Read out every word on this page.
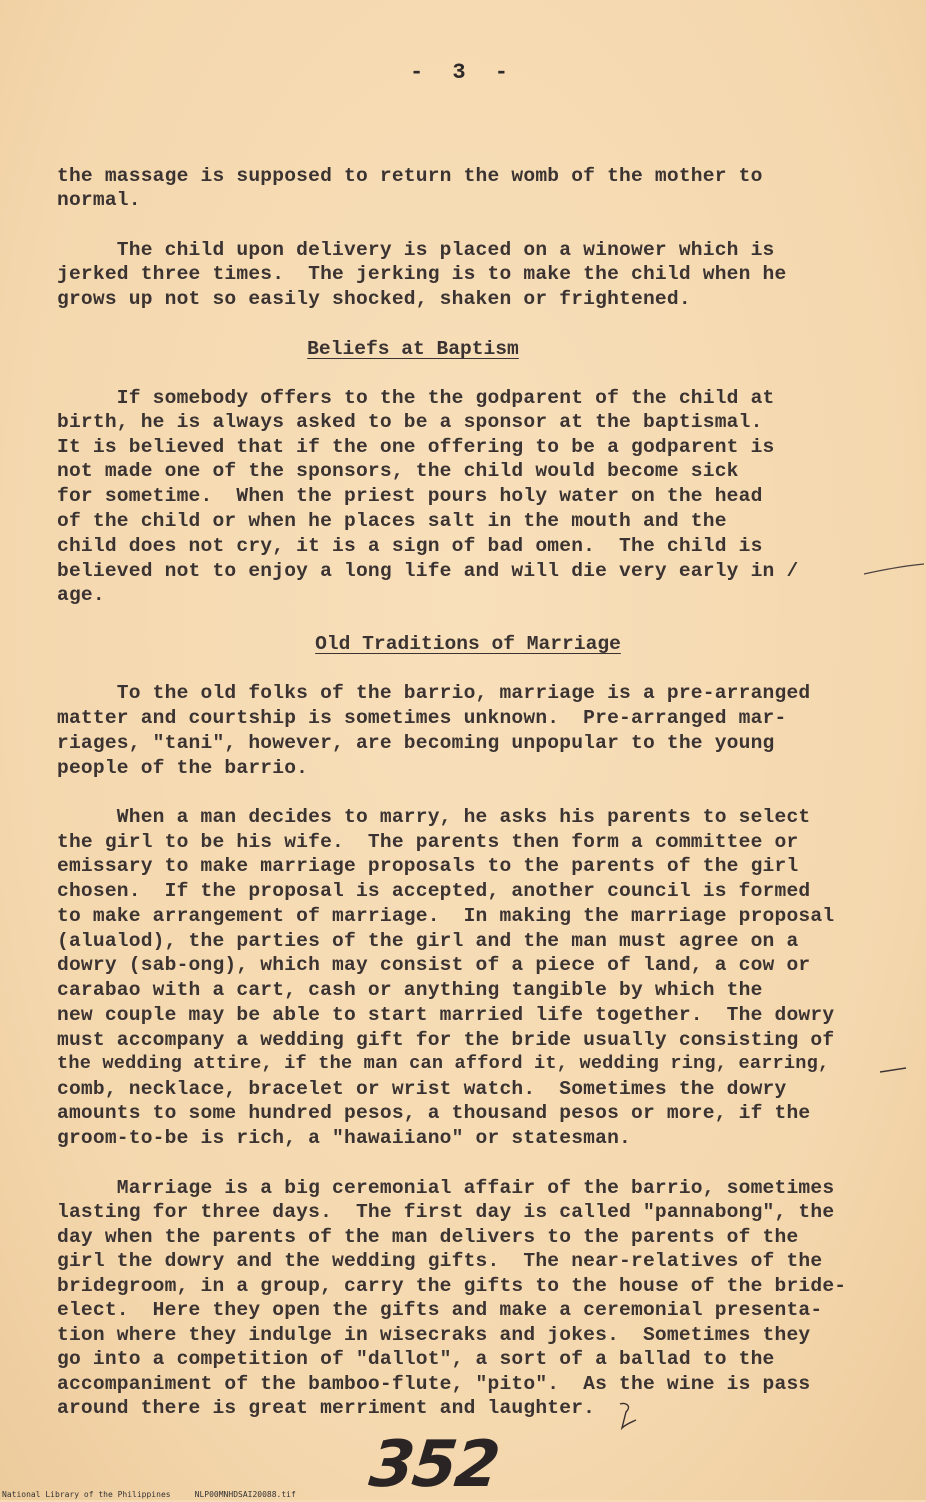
- 3 -
the massage is supposed to return the womb of the mother to
normal.
The child upon delivery is placed on a winower which is
jerked three times.  The jerking is to make the child when he
grows up not so easily shocked, shaken or frightened.
Beliefs at Baptism
If somebody offers to the the godparent of the child at
birth, he is always asked to be a sponsor at the baptismal.
It is believed that if the one offering to be a godparent is
not made one of the sponsors, the child would become sick
for sometime.  When the priest pours holy water on the head
of the child or when he places salt in the mouth and the
child does not cry, it is a sign of bad omen.  The child is
believed not to enjoy a long life and will die very early in /
age.
Old Traditions of Marriage
To the old folks of the barrio, marriage is a pre-arranged
matter and courtship is sometimes unknown.  Pre-arranged mar-
riages, "tani", however, are becoming unpopular to the young
people of the barrio.
When a man decides to marry, he asks his parents to select
the girl to be his wife.  The parents then form a committee or
emissary to make marriage proposals to the parents of the girl
chosen.  If the proposal is accepted, another council is formed
to make arrangement of marriage.  In making the marriage proposal
(alualod), the parties of the girl and the man must agree on a
dowry (sab-ong), which may consist of a piece of land, a cow or
carabao with a cart, cash or anything tangible by which the
new couple may be able to start married life together.  The dowry
must accompany a wedding gift for the bride usually consisting of
the wedding attire, if the man can afford it, wedding ring, earring,
comb, necklace, bracelet or wrist watch.  Sometimes the dowry
amounts to some hundred pesos, a thousand pesos or more, if the
groom-to-be is rich, a "hawaiiano" or statesman.
Marriage is a big ceremonial affair of the barrio, sometimes
lasting for three days.  The first day is called "pannabong", the
day when the parents of the man delivers to the parents of the
girl the dowry and the wedding gifts.  The near-relatives of the
bridegroom, in a group, carry the gifts to the house of the bride-
elect.  Here they open the gifts and make a ceremonial presenta-
tion where they indulge in wisecraks and jokes.  Sometimes they
go into a competition of "dallot", a sort of a ballad to the
accompaniment of the bamboo-flute, "pito".  As the wine is pass
around there is great merriment and laughter.
352
National Library of the Philippines     NLP00MNHDSAI20088.tif
